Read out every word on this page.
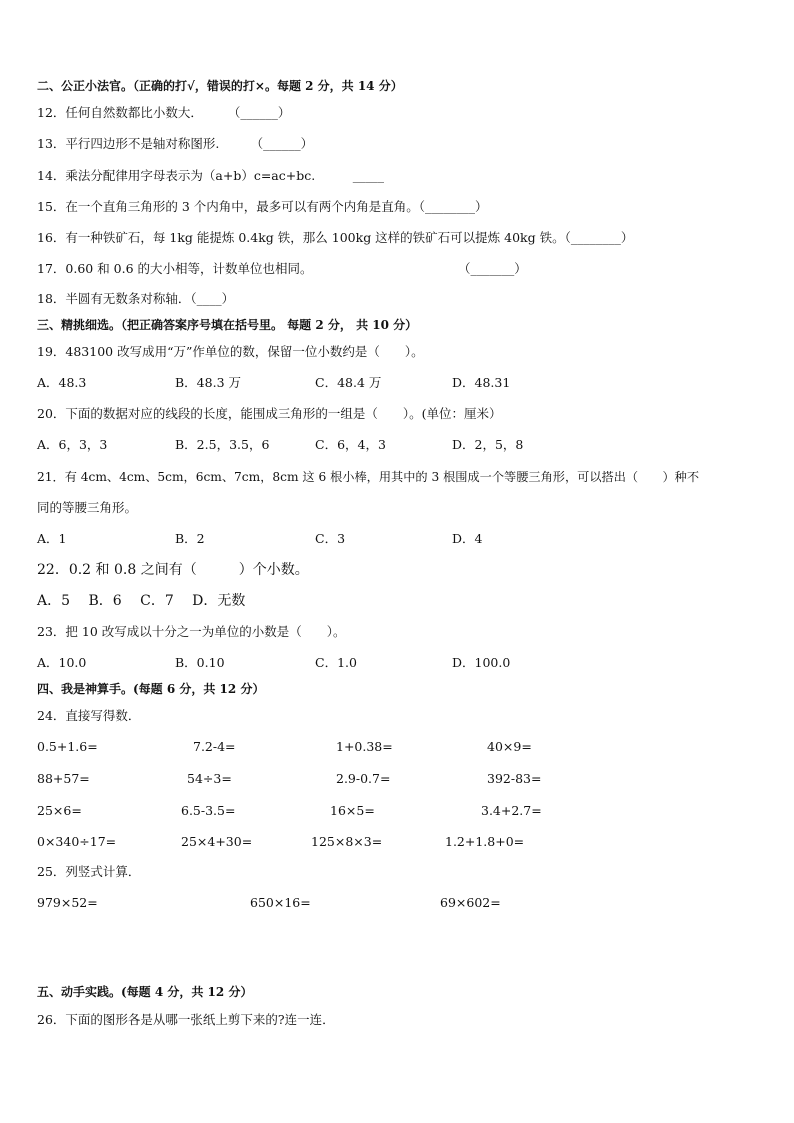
二、公正小法官。（正确的打√，错误的打×。每题 2 分，共 14 分）
12．任何自然数都比小数大．　　　（______）
13．平行四边形不是轴对称图形.　　　（______）
14．乘法分配律用字母表示为（a+b）c=ac+bc.　　　_____
15．在一个直角三角形的 3 个内角中，最多可以有两个内角是直角。（________）
16．有一种铁矿石，每 1kg 能提炼 0.4kg 铁，那么 100kg 这样的铁矿石可以提炼 40kg 铁。（________）
17．0.60 和 0.6 的大小相等，计数单位也相同。	（_______）
18．半圆有无数条对称轴．（____）
三、精挑细选。（把正确答案序号填在括号里。 每题 2 分， 共 10 分）
19．483100 改写成用“万”作单位的数，保留一位小数约是（　　）。
A．48.3	B．48.3 万	C．48.4 万	D．48.31
20．下面的数据对应的线段的长度，能围成三角形的一组是（　　）。(单位：厘米）
A．6，3，3	B．2.5，3.5，6	C．6，4，3	D．2，5，8
21．有 4cm、4cm、5cm，6cm、7cm，8cm 这 6 根小棒，用其中的 3 根围成一个等腰三角形，可以搭出（　　）种不
同的等腰三角形。
A．1	B．2	C．3	D．4
22．0.2 和 0.8 之间有（　　　）个小数。
A．5　 B．6　 C．7　 D．无数
23．把 10 改写成以十分之一为单位的小数是（　　）。
A．10.0	B．0.10	C．1.0	D．100.0
四、我是神算手。(每题 6 分，共 12 分）
24．直接写得数．
0.5+1.6=	7.2-4=	1+0.38=	40×9=
88+57=	54÷3=	2.9-0.7=	392-83=
25×6=	6.5-3.5=	16×5=	3.4+2.7=
0×340÷17=	25×4+30=	125×8×3=	1.2+1.8+0=
25．列竖式计算．
979×52=	650×16=	69×602=
五、动手实践。(每题 4 分，共 12 分）
26．下面的图形各是从哪一张纸上剪下来的?连一连．
